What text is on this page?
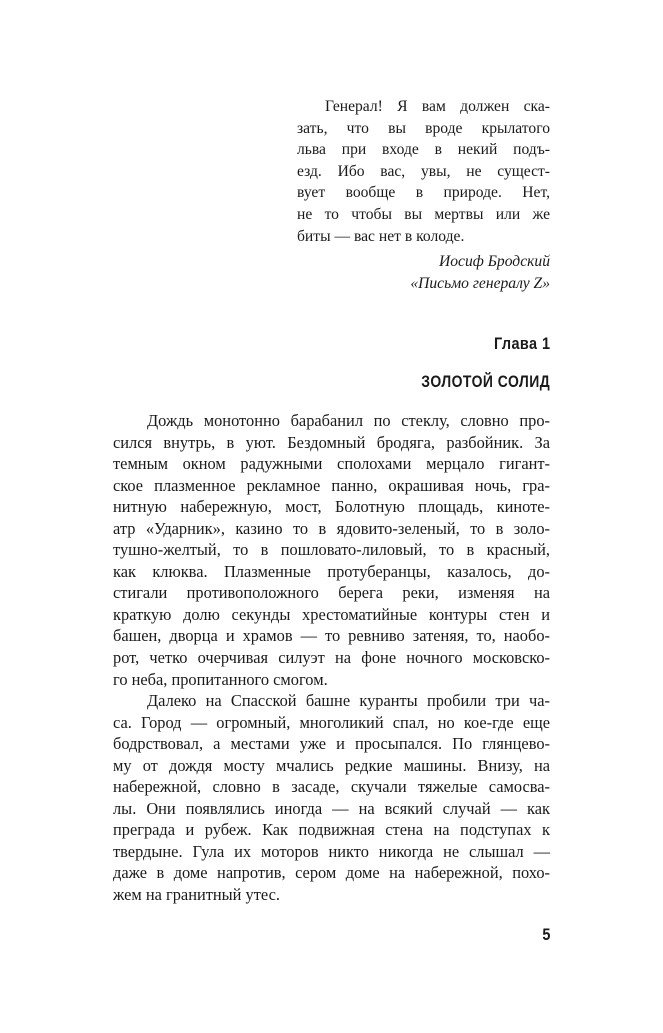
Генерал! Я вам должен ска-
зать, что вы вроде крылатого
льва при входе в некий подъ-
езд. Ибо вас, увы, не сущест-
вует вообще в природе. Нет,
не то чтобы вы мертвы или же
биты — вас нет в колоде.
Иосиф Бродский
«Письмо генералу Z»
Глава 1
ЗОЛОТОЙ СОЛИД
Дождь монотонно барабанил по стеклу, словно про-
сился внутрь, в уют. Бездомный бродяга, разбойник. За
темным окном радужными сполохами мерцало гигант-
ское плазменное рекламное панно, окрашивая ночь, гра-
нитную набережную, мост, Болотную площадь, киноте-
атр «Ударник», казино то в ядовито-зеленый, то в золо-
тушно-желтый, то в пошловато-лиловый, то в красный,
как клюква. Плазменные протуберанцы, казалось, до-
стигали противоположного берега реки, изменяя на
краткую долю секунды хрестоматийные контуры стен и
башен, дворца и храмов — то ревниво затеняя, то, наобо-
рот, четко очерчивая силуэт на фоне ночного московско-
го неба, пропитанного смогом.
Далеко на Спасской башне куранты пробили три ча-
са. Город — огромный, многоликий спал, но кое-где еще
бодрствовал, а местами уже и просыпался. По глянцево-
му от дождя мосту мчались редкие машины. Внизу, на
набережной, словно в засаде, скучали тяжелые самосва-
лы. Они появлялись иногда — на всякий случай — как
преграда и рубеж. Как подвижная стена на подступах к
твердыне. Гула их моторов никто никогда не слышал —
даже в доме напротив, сером доме на набережной, похо-
жем на гранитный утес.
5
